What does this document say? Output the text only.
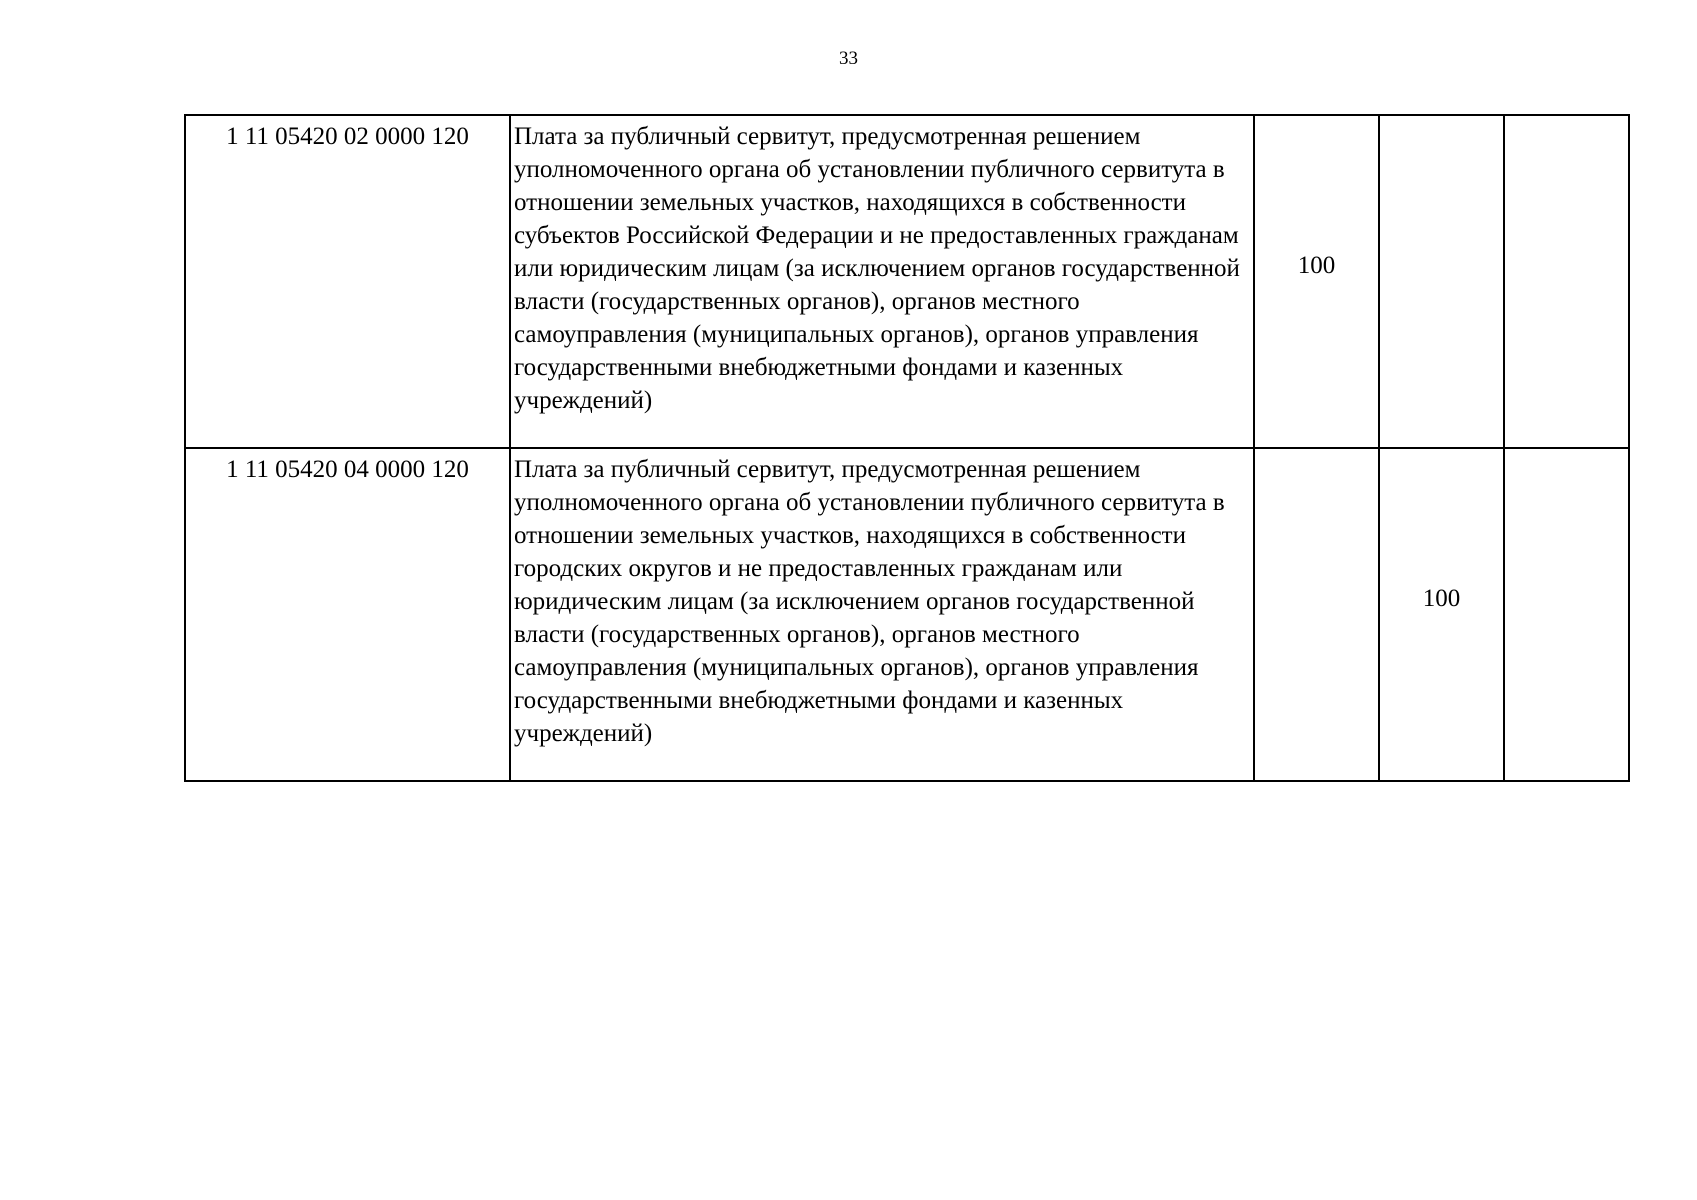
33
1 11 05420 02 0000 120	Плата за публичный сервитут, предусмотренная решением уполномоченного органа об установлении публичного сервитута в отношении земельных участков, находящихся в собственности субъектов Российской Федерации и не предоставленных гражданам или юридическим лицам (за исключением органов государственной власти (государственных органов), органов местного самоуправления (муниципальных органов), органов управления государственными внебюджетными фондами и казенных учреждений)	100		

1 11 05420 04 0000 120	Плата за публичный сервитут, предусмотренная решением уполномоченного органа об установлении публичного сервитута в отношении земельных участков, находящихся в собственности городских округов и не предоставленных гражданам или юридическим лицам (за исключением органов государственной власти (государственных органов), органов местного самоуправления (муниципальных органов), органов управления государственными внебюджетными фондами и казенных учреждений)		100	
